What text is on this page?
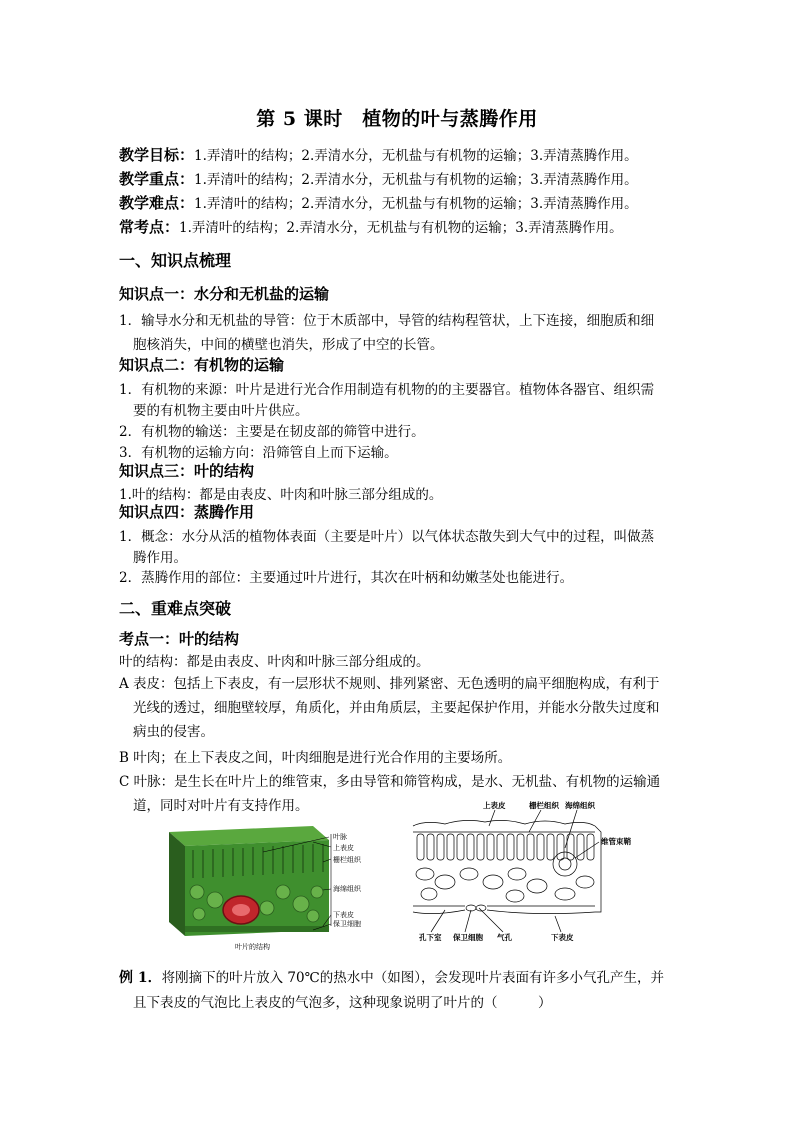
第 5 课时　植物的叶与蒸腾作用
教学目标：1.弄清叶的结构；2.弄清水分，无机盐与有机物的运输；3.弄清蒸腾作用。
教学重点：1.弄清叶的结构；2.弄清水分，无机盐与有机物的运输；3.弄清蒸腾作用。
教学难点：1.弄清叶的结构；2.弄清水分，无机盐与有机物的运输；3.弄清蒸腾作用。
常考点：1.弄清叶的结构；2.弄清水分，无机盐与有机物的运输；3.弄清蒸腾作用。
一、知识点梳理
知识点一：水分和无机盐的运输
1．输导水分和无机盐的导管：位于木质部中，导管的结构程管状，上下连接，细胞质和细
胞核消失，中间的横壁也消失，形成了中空的长管。
知识点二：有机物的运输
1．有机物的来源：叶片是进行光合作用制造有机物的的主要器官。植物体各器官、组织需
要的有机物主要由叶片供应。
2．有机物的输送：主要是在韧皮部的筛管中进行。
3．有机物的运输方向：沿筛管自上而下运输。
知识点三：叶的结构
1.叶的结构：都是由表皮、叶肉和叶脉三部分组成的。
知识点四：蒸腾作用
1．概念：水分从活的植物体表面（主要是叶片）以气体状态散失到大气中的过程，叫做蒸
腾作用。
2．蒸腾作用的部位：主要通过叶片进行，其次在叶柄和幼嫩茎处也能进行。
二、重难点突破
考点一：叶的结构
叶的结构：都是由表皮、叶肉和叶脉三部分组成的。
A 表皮：包括上下表皮，有一层形状不规则、排列紧密、无色透明的扁平细胞构成，有利于
光线的透过，细胞壁较厚，角质化，并由角质层，主要起保护作用，并能水分散失过度和
病虫的侵害。
B 叶肉；在上下表皮之间，叶肉细胞是进行光合作用的主要场所。
C 叶脉：是生长在叶片上的维管束，多由导管和筛管构成，是水、无机盐、有机物的运输通
道，同时对叶片有支持作用。
叶脉
上表皮
栅栏组织
海绵组织
下表皮
保卫细胞
叶片的结构
上表皮	栅栏组织 海绵组织
维管束鞘
孔下室 保卫细胞 气孔	下表皮
例 1．将刚摘下的叶片放入 70℃的热水中（如图），会发现叶片表面有许多小气孔产生，并
且下表皮的气泡比上表皮的气泡多，这种现象说明了叶片的（　　　）
